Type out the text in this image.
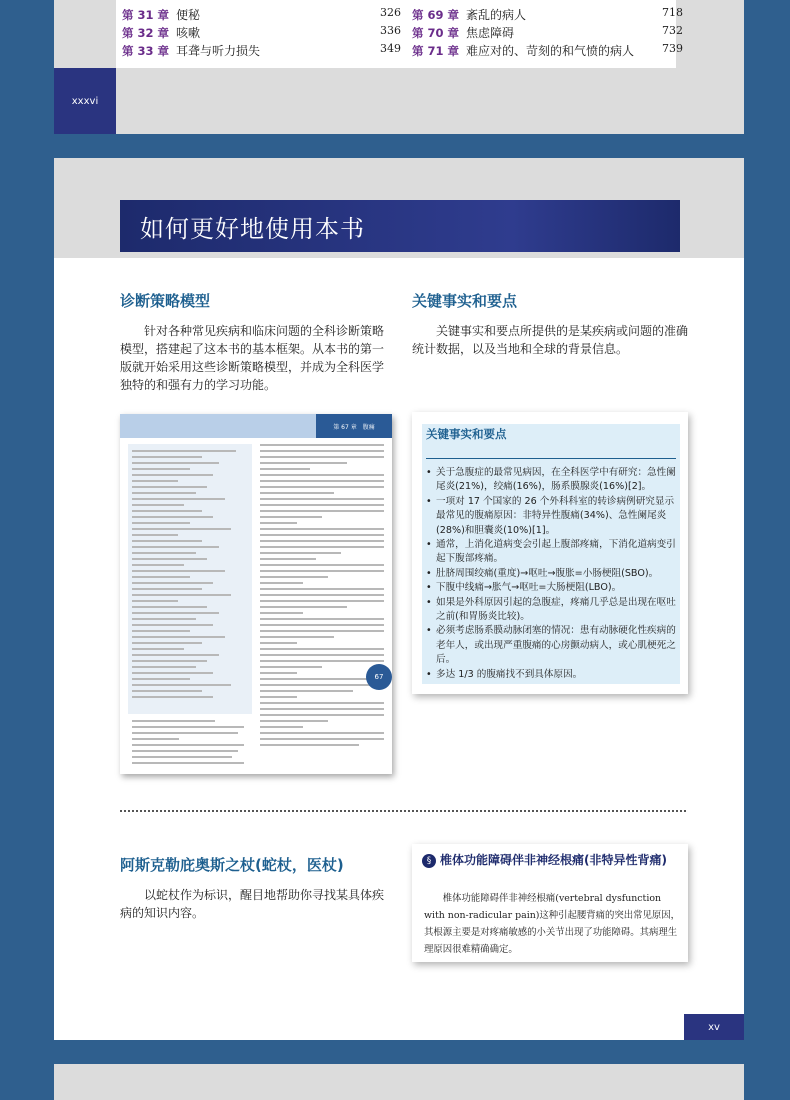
第 31 章 便秘	326
第 32 章 咳嗽	336
第 33 章 耳聋与听力损失	349
第 69 章 紊乱的病人	718
第 70 章 焦虑障碍	732
第 71 章 难应对的、苛刻的和气愤的病人	739
xxxvi
如何更好地使用本书
诊断策略模型
针对各种常见疾病和临床问题的全科诊断策略模型，搭建起了这本书的基本框架。从本书的第一版就开始采用这些诊断策略模型，并成为全科医学独特的和强有力的学习功能。
关键事实和要点
关键事实和要点所提供的是某疾病或问题的准确统计数据，以及当地和全球的背景信息。
第 67 章　腹痛
67
关键事实和要点
• 关于急腹症的最常见病因，在全科医学中有研究：急性阑尾炎(21%)，绞痛(16%)，肠系膜腺炎(16%)[2]。
• 一项对 17 个国家的 26 个外科科室的转诊病例研究显示最常见的腹痛原因：非特异性腹痛(34%)、急性阑尾炎(28%)和胆囊炎(10%)[1]。
• 通常，上消化道病变会引起上腹部疼痛，下消化道病变引起下腹部疼痛。
• 肚脐周围绞痛(重度)→呕吐→腹胀=小肠梗阻(SBO)。
• 下腹中线痛→胀气→呕吐=大肠梗阻(LBO)。
• 如果是外科原因引起的急腹症，疼痛几乎总是出现在呕吐之前(和胃肠炎比较)。
• 必须考虑肠系膜动脉闭塞的情况：患有动脉硬化性疾病的老年人，或出现严重腹痛的心房颤动病人，或心肌梗死之后。
• 多达 1/3 的腹痛找不到具体原因。
阿斯克勒庇奥斯之杖(蛇杖，医杖)
以蛇杖作为标识，醒目地帮助你寻找某具体疾病的知识内容。
§ 椎体功能障碍伴非神经根痛(非特异性背痛)
椎体功能障碍伴非神经根痛(vertebral dysfunction with non-radicular pain)这种引起腰背痛的突出常见原因，其根源主要是对疼痛敏感的小关节出现了功能障碍。其病理生理原因很难精确确定。
xv
